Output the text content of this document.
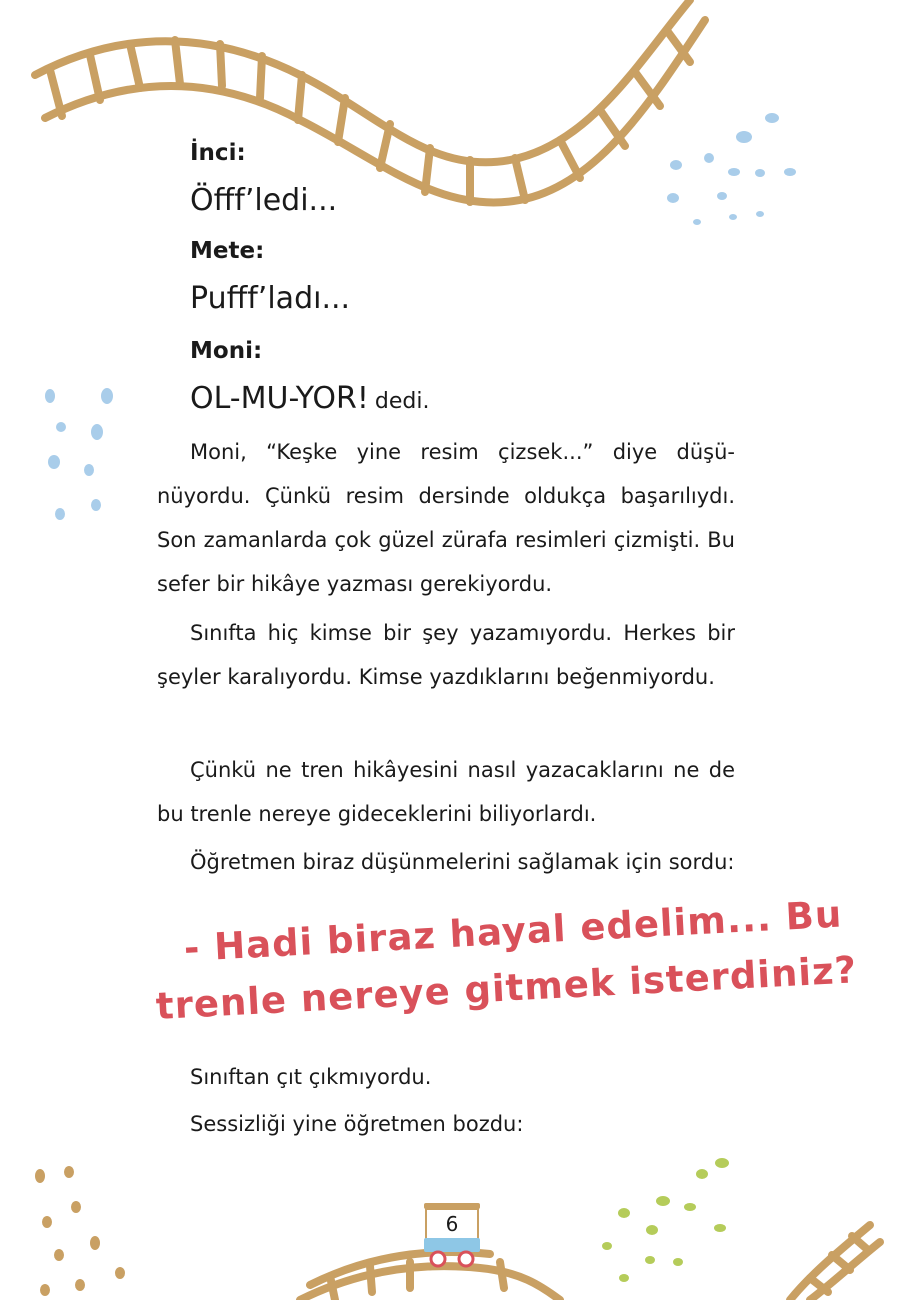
İnci:
Öfff’ledi...
Mete:
Pufff’ladı...
Moni:
OL-MU-YOR! dedi.

Moni, “Keşke yine resim çizsek...” diye düşünüyordu. Çünkü resim dersinde oldukça başarılıydı. Son zamanlarda çok güzel zürafa resimleri çizmişti. Bu sefer bir hikâye yazması gerekiyordu.

Sınıfta hiç kimse bir şey yazamıyordu. Herkes bir şeyler karalıyordu. Kimse yazdıklarını beğenmiyordu.

Çünkü ne tren hikâyesini nasıl yazacaklarını ne de bu trenle nereye gideceklerini biliyorlardı.

Öğretmen biraz düşünmelerini sağlamak için sordu:

- Hadi biraz hayal edelim... Bu
trenle nereye gitmek isterdiniz?

Sınıftan çıt çıkmıyordu.

Sessizliği yine öğretmen bozdu:

6
